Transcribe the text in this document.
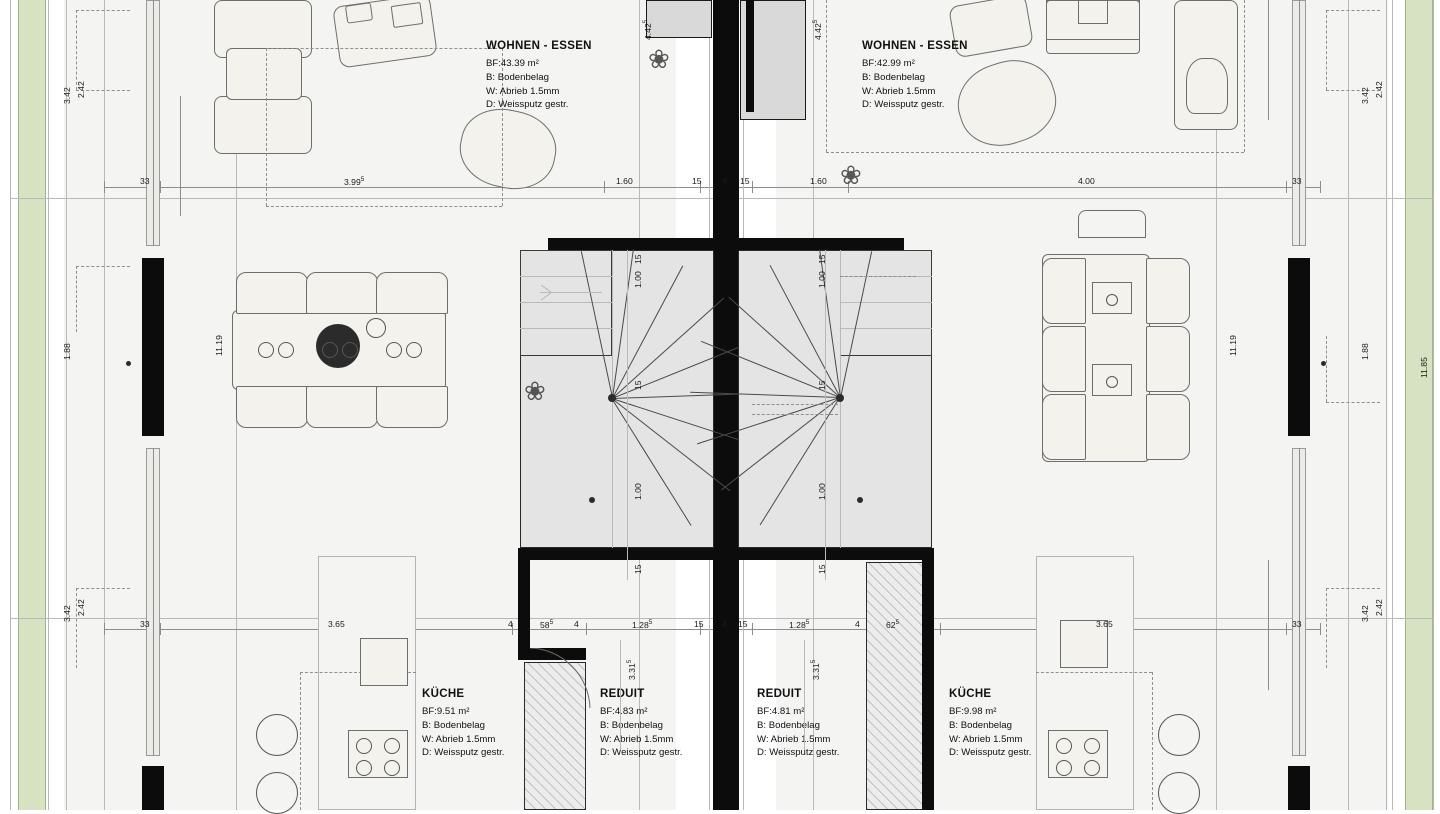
❀
❀
❀
WOHNEN - ESSEN
BF:43.39 m²
B: Bodenbelag
W: Abrieb 1.5mm
D: Weissputz gestr.
WOHNEN - ESSEN
BF:42.99 m²
B: Bodenbelag
W: Abrieb 1.5mm
D: Weissputz gestr.
KÜCHE
BF:9.51 m²
B: Bodenbelag
W: Abrieb 1.5mm
D: Weissputz gestr.
REDUIT
BF:4.83 m²
B: Bodenbelag
W: Abrieb 1.5mm
D: Weissputz gestr.
REDUIT
BF:4.81 m²
B: Bodenbelag
W: Abrieb 1.5mm
D: Weissputz gestr.
KÜCHE
BF:9.98 m²
B: Bodenbelag
W: Abrieb 1.5mm
D: Weissputz gestr.
4.42$^5$
4.42$^5$
33	3.99$^5$	1.60	15 4 15	1.60	4.00	33
33	3.65	4	$58^5$ 4	1.28$^5$	15 4 15	1.28$^5$	4	$62^5$	3.65	33
3.42 2.42
1.88	11.19
3.42 2.42
3.42 2.42
1.88
11.19
11.85
3.42 2.42
15
1.00
15
1.00
15
15
1.00
1.00
15
15
3.31$^5$
3.31$^5$
